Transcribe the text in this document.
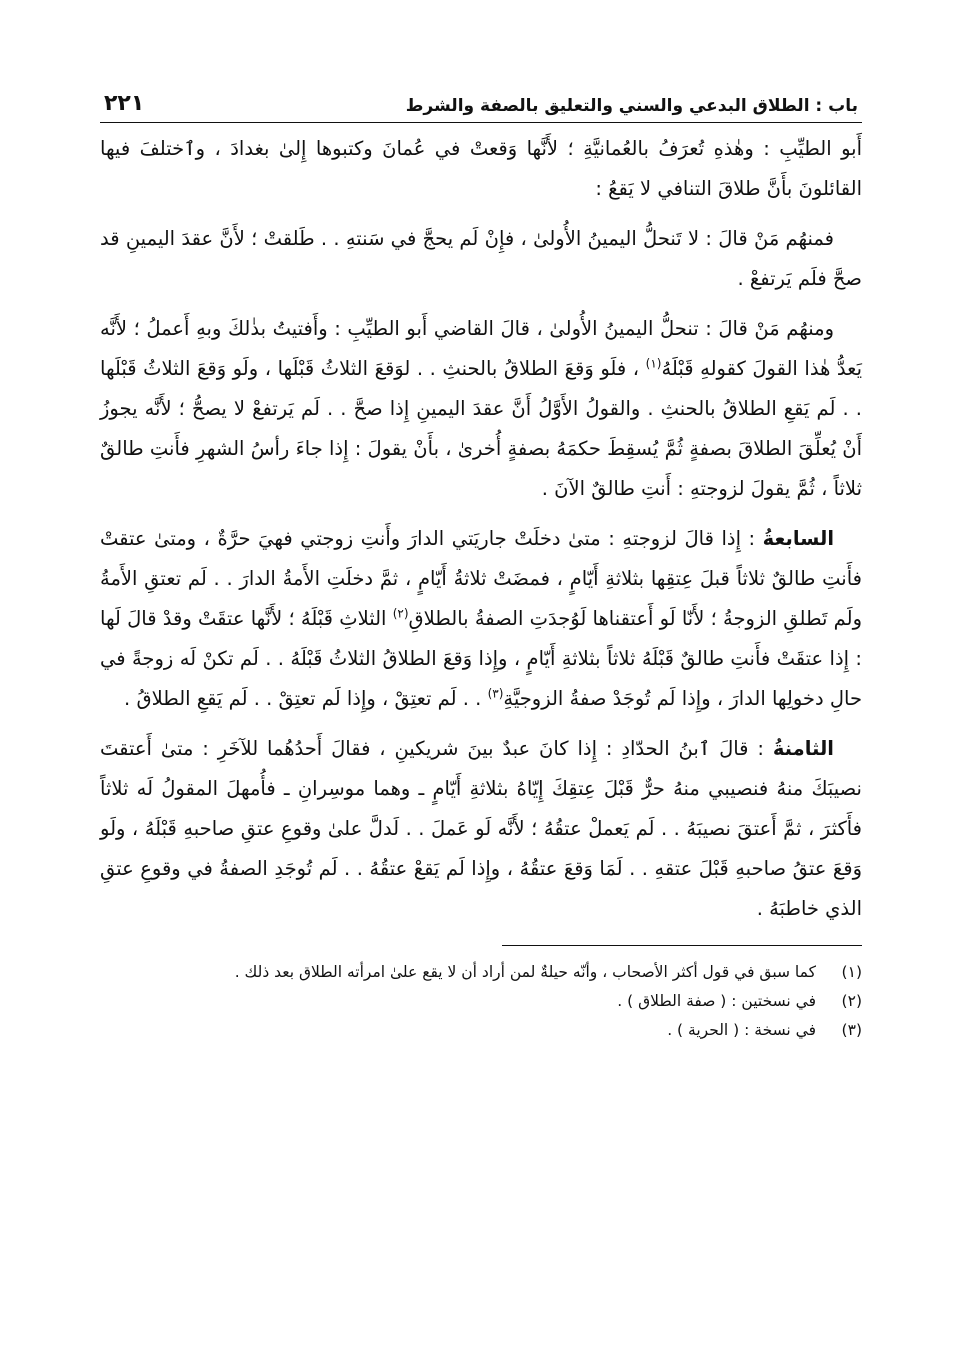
باب : الطلاق البدعي والسني والتعليق بالصفة والشرط
٢٢١

أَبو الطيِّبِ : وهٰذهِ تُعرَفُ بالعُمانيَّةِ ؛ لأَنَّها وَقعتْ في عُمانَ وكتبوها إِلىٰ بغدادَ ، وٱختلفَ فيها القائلونَ بأَنَّ طلاقَ التنافي لا يَقعُ :

فمنهُم مَنْ قالَ : لا تَنحلُّ اليمينُ الأُولىٰ ، فإِنْ لَم يحجَّ في سَنتهِ . . طَلقتْ ؛ لأَنَّ عقدَ اليمينِ قد صحَّ فلَم يَرتفعْ .

ومنهُم مَنْ قالَ : تنحلُّ اليمينُ الأُولىٰ ، قالَ القاضي أَبو الطيِّبِ : وأَفتيتُ بذٰلكَ وبهِ أَعملُ ؛ لأَنَّه يَعدُّ هٰذا القولَ كقولهِ قَبْلَهُ$^{(١)}$ ، فلَو وَقعَ الطلاقُ بالحنثِ . . لوَقعَ الثلاثُ قَبْلَها ، ولَو وَقعَ الثلاثُ قَبْلَها . . لَم يَقعِ الطلاقُ بالحنثِ . والقولُ الأَوَّلُ أَنَّ عقدَ اليمينِ إِذا صحَّ . . لَم يَرتفعْ لا يصحُّ ؛ لأَنَّه يجوزُ أَنْ يُعلِّقَ الطلاقَ بصفةٍ ثُمَّ يُسقِطَ حكمَهُ بصفةٍ أُخرىٰ ، بأَنْ يقولَ : إِذا جاءَ رأسُ الشهرِ فأَنتِ طالقٌ ثلاثاً ، ثُمَّ يقولَ لزوجتهِ : أَنتِ طالقٌ الآنَ .

السابعةُ : إِذا قالَ لزوجتهِ : متىٰ دخلَتْ جاريَتي الدارَ وأَنتِ زوجتي فهيَ حرَّةٌ ، ومتىٰ عتقتْ فأَنتِ طالقٌ ثلاثاً قبلَ عِتقِها بثلاثةِ أَيّامٍ ، فمضَتْ ثلاثةُ أَيّامٍ ، ثمَّ دخلَتِ الأَمةُ الدارَ . . لَم تعتقِ الأَمةُ ولَم تَطلقِ الزوجةُ ؛ لأَنّا لَو أَعتقناها لَوُجدَتِ الصفةُ بالطلاقِ$^{(٢)}$ الثلاثِ قَبْلَهُ ؛ لأَنَّها عتقَتْ وقدْ قالَ لَها : إِذا عتقَتْ فأَنتِ طالقٌ قَبْلَهُ ثلاثاً بثلاثةِ أَيّامٍ ، وإِذا وَقعَ الطلاقُ الثلاثُ قَبْلَهُ . . لَم تكنْ لَه زوجةً في حالِ دخولِها الدارَ ، وإِذا لَم تُوجَدْ صفةُ الزوجيَّةِ$^{(٣)}$ . . لَم تعتِقْ ، وإِذا لَم تعتِقْ . . لَم يَقعِ الطلاقُ .

الثامنةُ : قالَ ٱبنُ الحدّادِ : إِذا كانَ عبدٌ بينَ شريكينِ ، فقالَ أَحدُهُما للآخَرِ : متىٰ أَعتقتَ نصيبَكَ منهُ فنصيبي منهُ حرٌّ قَبْلَ عِتقِكَ إِيّاهُ بثلاثةِ أَيّامٍ ـ وهما موسِرانِ ـ فأُمهلَ المقولُ لَه ثلاثاً فأَكثرَ ، ثمَّ أَعتقَ نصيبَهُ . . لَم يَعملْ عتقُهُ ؛ لأَنَّه لَو عَملَ . . لَدلَّ علىٰ وقوعِ عتقِ صاحبهِ قَبْلَهُ ، ولَو وَقعَ عتقُ صاحبهِ قَبْلَ عتقهِ . . لَمَا وَقعَ عتقُهُ ، وإِذا لَم يَقعْ عتقُهُ . . لَم تُوجَدِ الصفةُ في وقوعِ عتقِ الذي خاطبَهُ .

(١)
كما سبق في قول أكثر الأصحاب ، وأنّه حيلةٌ لمن أراد أن لا يقع علىٰ امرأته الطلاق بعد ذلك .
(٢)
في نسختين : ( صفة الطلاق ) .
(٣)
في نسخة : ( الحرية ) .
